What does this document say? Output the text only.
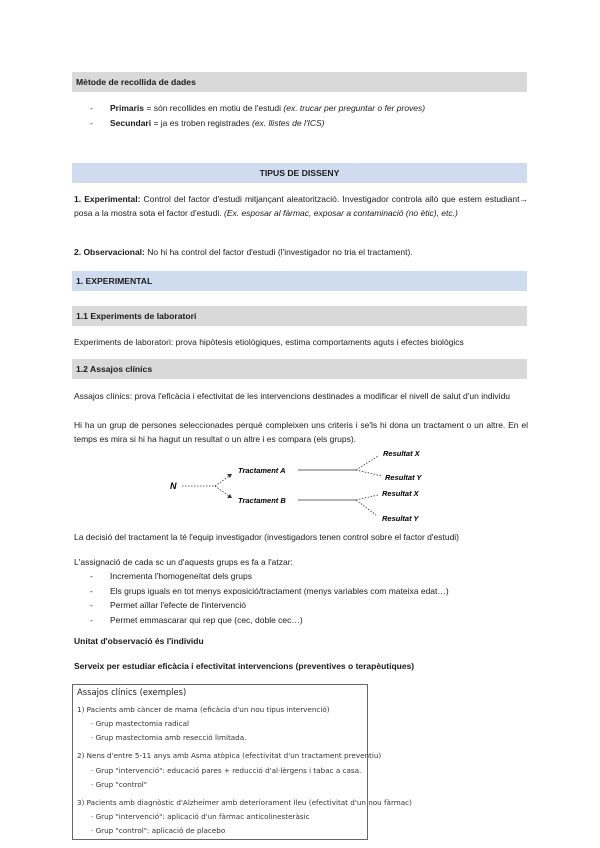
Mètode de recollida de dades
- Primaris = són recollides en motiu de l'estudi (ex. trucar per preguntar o fer proves)
- Secundari = ja es troben registrades (ex. llistes de l'ICS)
TIPUS DE DISSENY
1. Experimental: Control del factor d'estudi mitjançant aleatorització. Investigador controla allò que estem estudiant→ posa a la mostra sota el factor d'estudi. (Ex. esposar al fàrmac, exposar a contaminació (no ètic), etc.)
2. Observacional: No hi ha control del factor d'estudi (l'investigador no tria el tractament).
1. EXPERIMENTAL
1.1 Experiments de laboratori
Experiments de laboratori: prova hipòtesis etiològiques, estima comportaments aguts i efectes biològics
1.2 Assajos clínics
Assajos clínics: prova l'eficàcia i efectivitat de les intervencions destinades a modificar el nivell de salut d'un individu
Hi ha un grup de persones seleccionades perquè compleixen uns criteris i se'ls hi dona un tractament o un altre. En el temps es mira si hi ha hagut un resultat o un altre i es compara (els grups).
N
Tractament A
Tractament B
Resultat X
Resultat Y
Resultat X
Resultat Y
La decisió del tractament la té l'equip investigador (investigadors tenen control sobre el factor d'estudi)
L'assignació de cada sc un d'aquests grups es fa a l'atzar:
- Incrementa l'homogeneïtat dels grups
- Els grups iguals en tot menys exposició/tractament (menys variables com mateixa edat…)
- Permet aïllar l'efecte de l'intervenció
- Permet emmascarar qui rep que (cec, doble cec…)
Unitat d'observació és l'individu
Serveix per estudiar eficàcia i efectivitat intervencions (preventives o terapèutiques)
Assajos clínics (exemples)
1) Pacients amb càncer de mama (eficàcia d'un nou tipus intervenció)
· Grup mastectomia radical
· Grup mastectomia amb resecció limitada.
2) Nens d'entre 5-11 anys amb Asma atòpica (efectivitat d'un tractament preventiu)
· Grup "intervenció": educació pares + reducció d'al·lèrgens i tabac a casa.
· Grup "control"
3) Pacients amb diagnòstic d'Alzheimer amb deteriorament lleu (efectivitat d'un nou fàrmac)
· Grup "intervenció": aplicació d'un fàrmac anticolinesteràsic
· Grup "control": aplicació de placebo
